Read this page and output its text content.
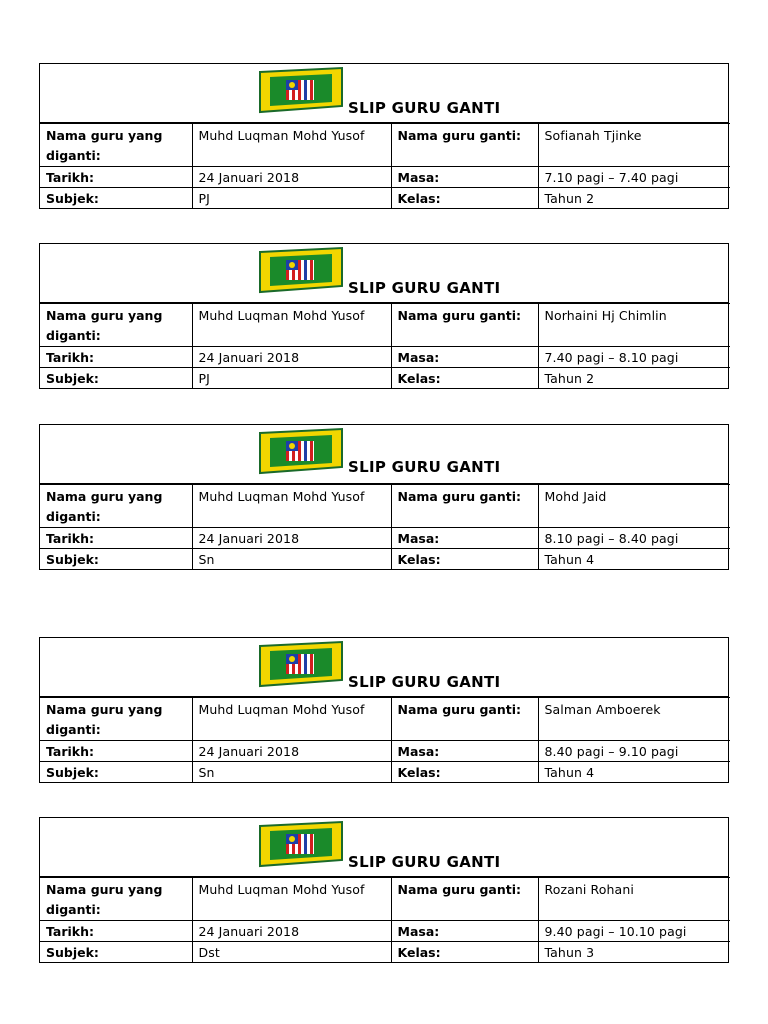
SLIP GURU GANTI
Nama guru yang diganti:	Muhd Luqman Mohd Yusof	Nama guru ganti:	Sofianah Tjinke
Tarikh:	24 Januari 2018	Masa:	7.10 pagi – 7.40 pagi
Subjek:	PJ	Kelas:	Tahun 2
SLIP GURU GANTI
Nama guru yang diganti:	Muhd Luqman Mohd Yusof	Nama guru ganti:	Norhaini Hj Chimlin
Tarikh:	24 Januari 2018	Masa:	7.40 pagi – 8.10 pagi
Subjek:	PJ	Kelas:	Tahun 2
SLIP GURU GANTI
Nama guru yang diganti:	Muhd Luqman Mohd Yusof	Nama guru ganti:	Mohd Jaid
Tarikh:	24 Januari 2018	Masa:	8.10 pagi – 8.40 pagi
Subjek:	Sn	Kelas:	Tahun 4
SLIP GURU GANTI
Nama guru yang diganti:	Muhd Luqman Mohd Yusof	Nama guru ganti:	Salman Amboerek
Tarikh:	24 Januari 2018	Masa:	8.40 pagi – 9.10 pagi
Subjek:	Sn	Kelas:	Tahun 4
SLIP GURU GANTI
Nama guru yang diganti:	Muhd Luqman Mohd Yusof	Nama guru ganti:	Rozani Rohani
Tarikh:	24 Januari 2018	Masa:	9.40 pagi – 10.10 pagi
Subjek:	Dst	Kelas:	Tahun 3
